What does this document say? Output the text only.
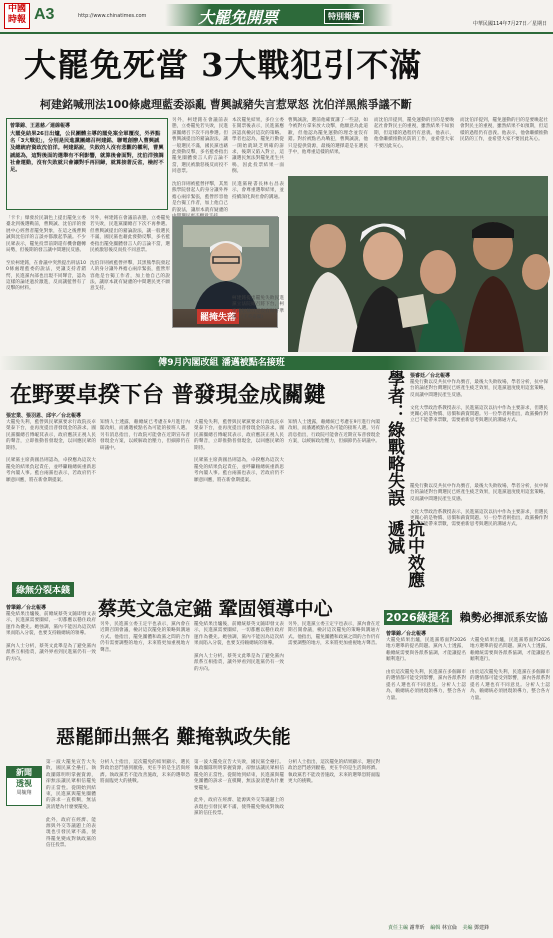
中國
時報 A3	http://www.chinatimes.com	大罷免開票	特別報導
中華民國114年7月27日／星期日
大罷免死當 3大戰犯引不滿
柯建銘喊刑法100條處理藍委添亂 曹興誠豬失言惹眾怒 沈伯洋黑熊爭議不斷
曾筆錦、王恩慈／連線報導
大罷免結果26日出爐，公民團體主導的罷免案全軍覆沒，外界點名「3大戰犯」，分別是民進黨團總召柯建銘、聯電創辦人曹興誠及總統府資政沈伯洋。柯建銘說，失敗的人沒有悲觀的權利，曹興誠認為，這對後面的選舉有不利影響，就算後會面對，沈伯洋強調社會運動，沒有失敗就只會讓對手再回歸，就算接著反省，檢討不足。
另外，柯建銘在會議前表態，立委罷免若失敗，民進黨團總召下次不再參選。但曹興誠提出的豬論說法，讓一般選民不滿，國民黨也藉此發動反擊，多名藍委指出罷免團體發言人的言論不當，選民被激怒後反而投不同意票。

沈伯洋則被藍營抨擊，其黑熊學院發起人的身分讓外界擔心兩岸緊張，藍營形容他是台獨工作者，加上他自己的說法，讓原本就有疑慮的
本次罷免結果，多位立委在開票後表示，民進黨應該認真檢討這次的策略。學者也認為，罷免行動從一開始就缺乏明確的訴求，後期又陷入對立，這讓選民無法對罷免產生共鳴，因此投票結果一面倒。

民進黨秘書長林右昌表示，會尊重選舉結果，並持續深化與社會的溝通。
曹興誠說，選前他確實講了一些話，如今被對方拿來放大攻擊，他願意為此道歉，但他認為罷免運動的理念並沒有錯。對於被點名為戰犯，曹興誠說，他只是提供資源，最後的選擇還是在選民手中，他尊重這樣的結果。
而沈伯洋提到，罷免運動的目的是要喚起社會對民主的重視，雖然結果不如預期，但這樣的過程仍有意義。他表示，他會繼續推動民防的工作，並希望大家不要因此灰心。
而沈伯洋提到，罷免運動的目的是要喚起社會對民主的重視，雖然結果不如預期，但這樣的過程仍有意義。他表示，他會繼續推動民防的工作，並希望大家不要因此灰心。
「卡卡」爆發於民調色上提出罷免立委臺北到後選戰前，曹興誠、沈伯洋的發展中心經營者罷免對象，在這之後曹興誠與沈伯洋的言談亦都激起爭議。不少民眾表示，罷免投票前期還有機會翻轉局勢，但後期的發言讓中間選民反感。

至於柯建銘，在會議中突然提出刑法100條處理藍委的說法，更讓支持者錯愕，民進黨內部也出現不同聲音，認為這樣的論述過於激進，反而讓藍營有了反擊的材料。
另外，柯建銘在會議前表態，立委罷免若失敗，民進黨團總召下次不再參選。但曹興誠提出的豬論說法，讓一般選民不滿，國民黨也藉此發動反擊，多名藍委指出罷免團體發言人的言論不當，選民被激怒後反而投不同意票。

沈伯洋則被藍營抨擊，其黑熊學院發起人的身分讓外界擔心兩岸緊張，藍營形容他是台獨工作者，加上他自己的說法，讓原本就有疑慮的中間選民更不願意支持。
罷掩失落
柯建銘提出罷免失敗民進黨立法院總召將下台，柯建銘堅稱只是沒有做好準備。(王英豪攝)
傅9月內閣改組 潘邁被點名接班
在野要卓揆下台 普發現金成關鍵
張宏業、張羽恩、邱宇／台北報導
大罷免失利，藍營與民眾黨要求行政院長卓榮泰下台，並再度提出普發現金的訴求。國民黨團總召傅崐萁表示，政府應該正視人民的聲音，立即推動普發現金，以回應民眾的期待。

民眾黨主席黃國昌則認為，卓揆應為這次大罷免的結果負起責任，並呼籲賴總統重新思考內閣人事。藍白兩黨也表示，若政府仍不願意回應，將在新會期提案。
知情人士透露，賴總統已考慮在9月進行內閣改組，而潘邁被點名為可能的接班人選。另有消息指出，行政院可能會在近期宣布普發現金方案，以緩解政治壓力，但細節仍在研議中。
大罷免失利，藍營與民眾黨要求行政院長卓榮泰下台，並再度提出普發現金的訴求。國民黨團總召傅崐萁表示，政府應該正視人民的聲音，立即推動普發現金，以回應民眾的期待。

民眾黨主席黃國昌則認為，卓揆應為這次大罷免的結果負起責任，並呼籲賴總統重新思考內閣人事。藍白兩黨也表示，若政府仍不願意回應，將在新會期提案。
知情人士透露，賴總統已考慮在9月進行內閣改組，而潘邁被點名為可能的接班人選。另有消息指出，行政院可能會在近期宣布普發現金方案，以緩解政治壓力，但細節仍在研議中。 學者：綠戰略失誤
抗中效應遞減
張睿廷／台北報導
罷免行動以反共抗中作為號召，最後大失敗收場，學者分析，抗中保台的論述對台灣選民已經產生疲乏效果，民進黨過度使用這套策略，反而讓中間選民產生反感。

文化大學政治系教授表示，民進黨這次以抗中作為主要訴求，但選民更關心的是物價、房價和薪資問題。另一位學者則指出，政黨操作對立已不能帶來票數，需要重新思考與選民的溝通方式。
罷免行動以反共抗中作為號召，最後大失敗收場，學者分析，抗中保台的論述對台灣選民已經產生疲乏效果，民進黨過度使用這套策略，反而讓中間選民產生反感。

文化大學政治系教授表示，民進黨這次以抗中作為主要訴求，但選民更關心的是物價、房價和薪資問題。另一位學者則指出，政黨操作對立已不能帶來票數，需要重新思考與選民的溝通方式。
綠無分裂本錢
蔡英文急定錨 鞏固領導中心
曾筆錦／台北報導
罷免結果出爐後，前總統蔡英文隨即發文表示，民進黨需要團結，一切都應以穩住政府運作為優先。她強調，黨內不能因為這次結果而陷入分裂，也要支持賴總統的領導。

黨內人士分析，蔡英文此舉是為了避免黨內派系互相指責，讓外界看到民進黨仍有一致的方向。
另外，民進黨立委王定宇也表示，黨內會在近期召開會議，檢討這次罷免的策略與溝通方式。他指出，罷免團體和政黨之間的合作仍有需要調整的地方，未來將更加重視地方聲音。
罷免結果出爐後，前總統蔡英文隨即發文表示，民進黨需要團結，一切都應以穩住政府運作為優先。她強調，黨內不能因為這次結果而陷入分裂，也要支持賴總統的領導。

黨內人士分析，蔡英文此舉是為了避免黨內派系互相指責，讓外界看到民進黨仍有一致的方向。
另外，民進黨立委王定宇也表示，黨內會在近期召開會議，檢討這次罷免的策略與溝通方式。他指出，罷免團體和政黨之間的合作仍有需要調整的地方，未來將更加重視地方聲音。
2026綠提名 賴勢必揮派系安協
曾筆錦／台北報導
大罷免結果出爐，民進黨將面對2026地方選舉的提名問題。黨內人士透露，賴總統需要與各派系協調，才能讓提名順利進行。

由於這次罷免失利，民進黨在多個縣市的選情都可能受到影響，黨內各派系對提名人選也有不同意見。分析人士認為，賴總統必須展現領導力，整合各方力量。
大罷免結果出爐，民進黨將面對2026地方選舉的提名問題。黨內人士透露，賴總統需要與各派系協調，才能讓提名順利進行。

由於這次罷免失利，民進黨在多個縣市的選情都可能受到影響，黨內各派系對提名人選也有不同意見。分析人士認為，賴總統必須展現領導力，整合各方力量。
惡罷師出無名 難掩執政失能
新聞
透視
周毓翔
第一波大罷免宣告大失敗，國民黨全壘打。執政團隊明明掌握資源，卻無法讓民眾相信罷免的正當性。從開始到結束，民進黨與罷免團體的訴求一直模糊，無法說清楚為什麼要罷免。

此外，政府在經濟、能源與外交等議題上的表現也引發民眾不滿，使得罷免變成對執政黨的信任投票。
分析人士指出，這次罷免的結果顯示，選民對政治惡鬥感到厭倦，更在乎的是生活與經濟。執政黨若不能改善施政，未來的選舉恐將面臨更大的挑戰。
第一波大罷免宣告大失敗，國民黨全壘打。執政團隊明明掌握資源，卻無法讓民眾相信罷免的正當性。從開始到結束，民進黨與罷免團體的訴求一直模糊，無法說清楚為什麼要罷免。

此外，政府在經濟、能源與外交等議題上的表現也引發民眾不滿，使得罷免變成對執政黨的信任投票。
分析人士指出，這次罷免的結果顯示，選民對政治惡鬥感到厭倦，更在乎的是生活與經濟。執政黨若不能改善施政，未來的選舉恐將面臨更大的挑戰。
責任主編 謝華昕 編輯 林宜倫 美編 鄧建鋒
